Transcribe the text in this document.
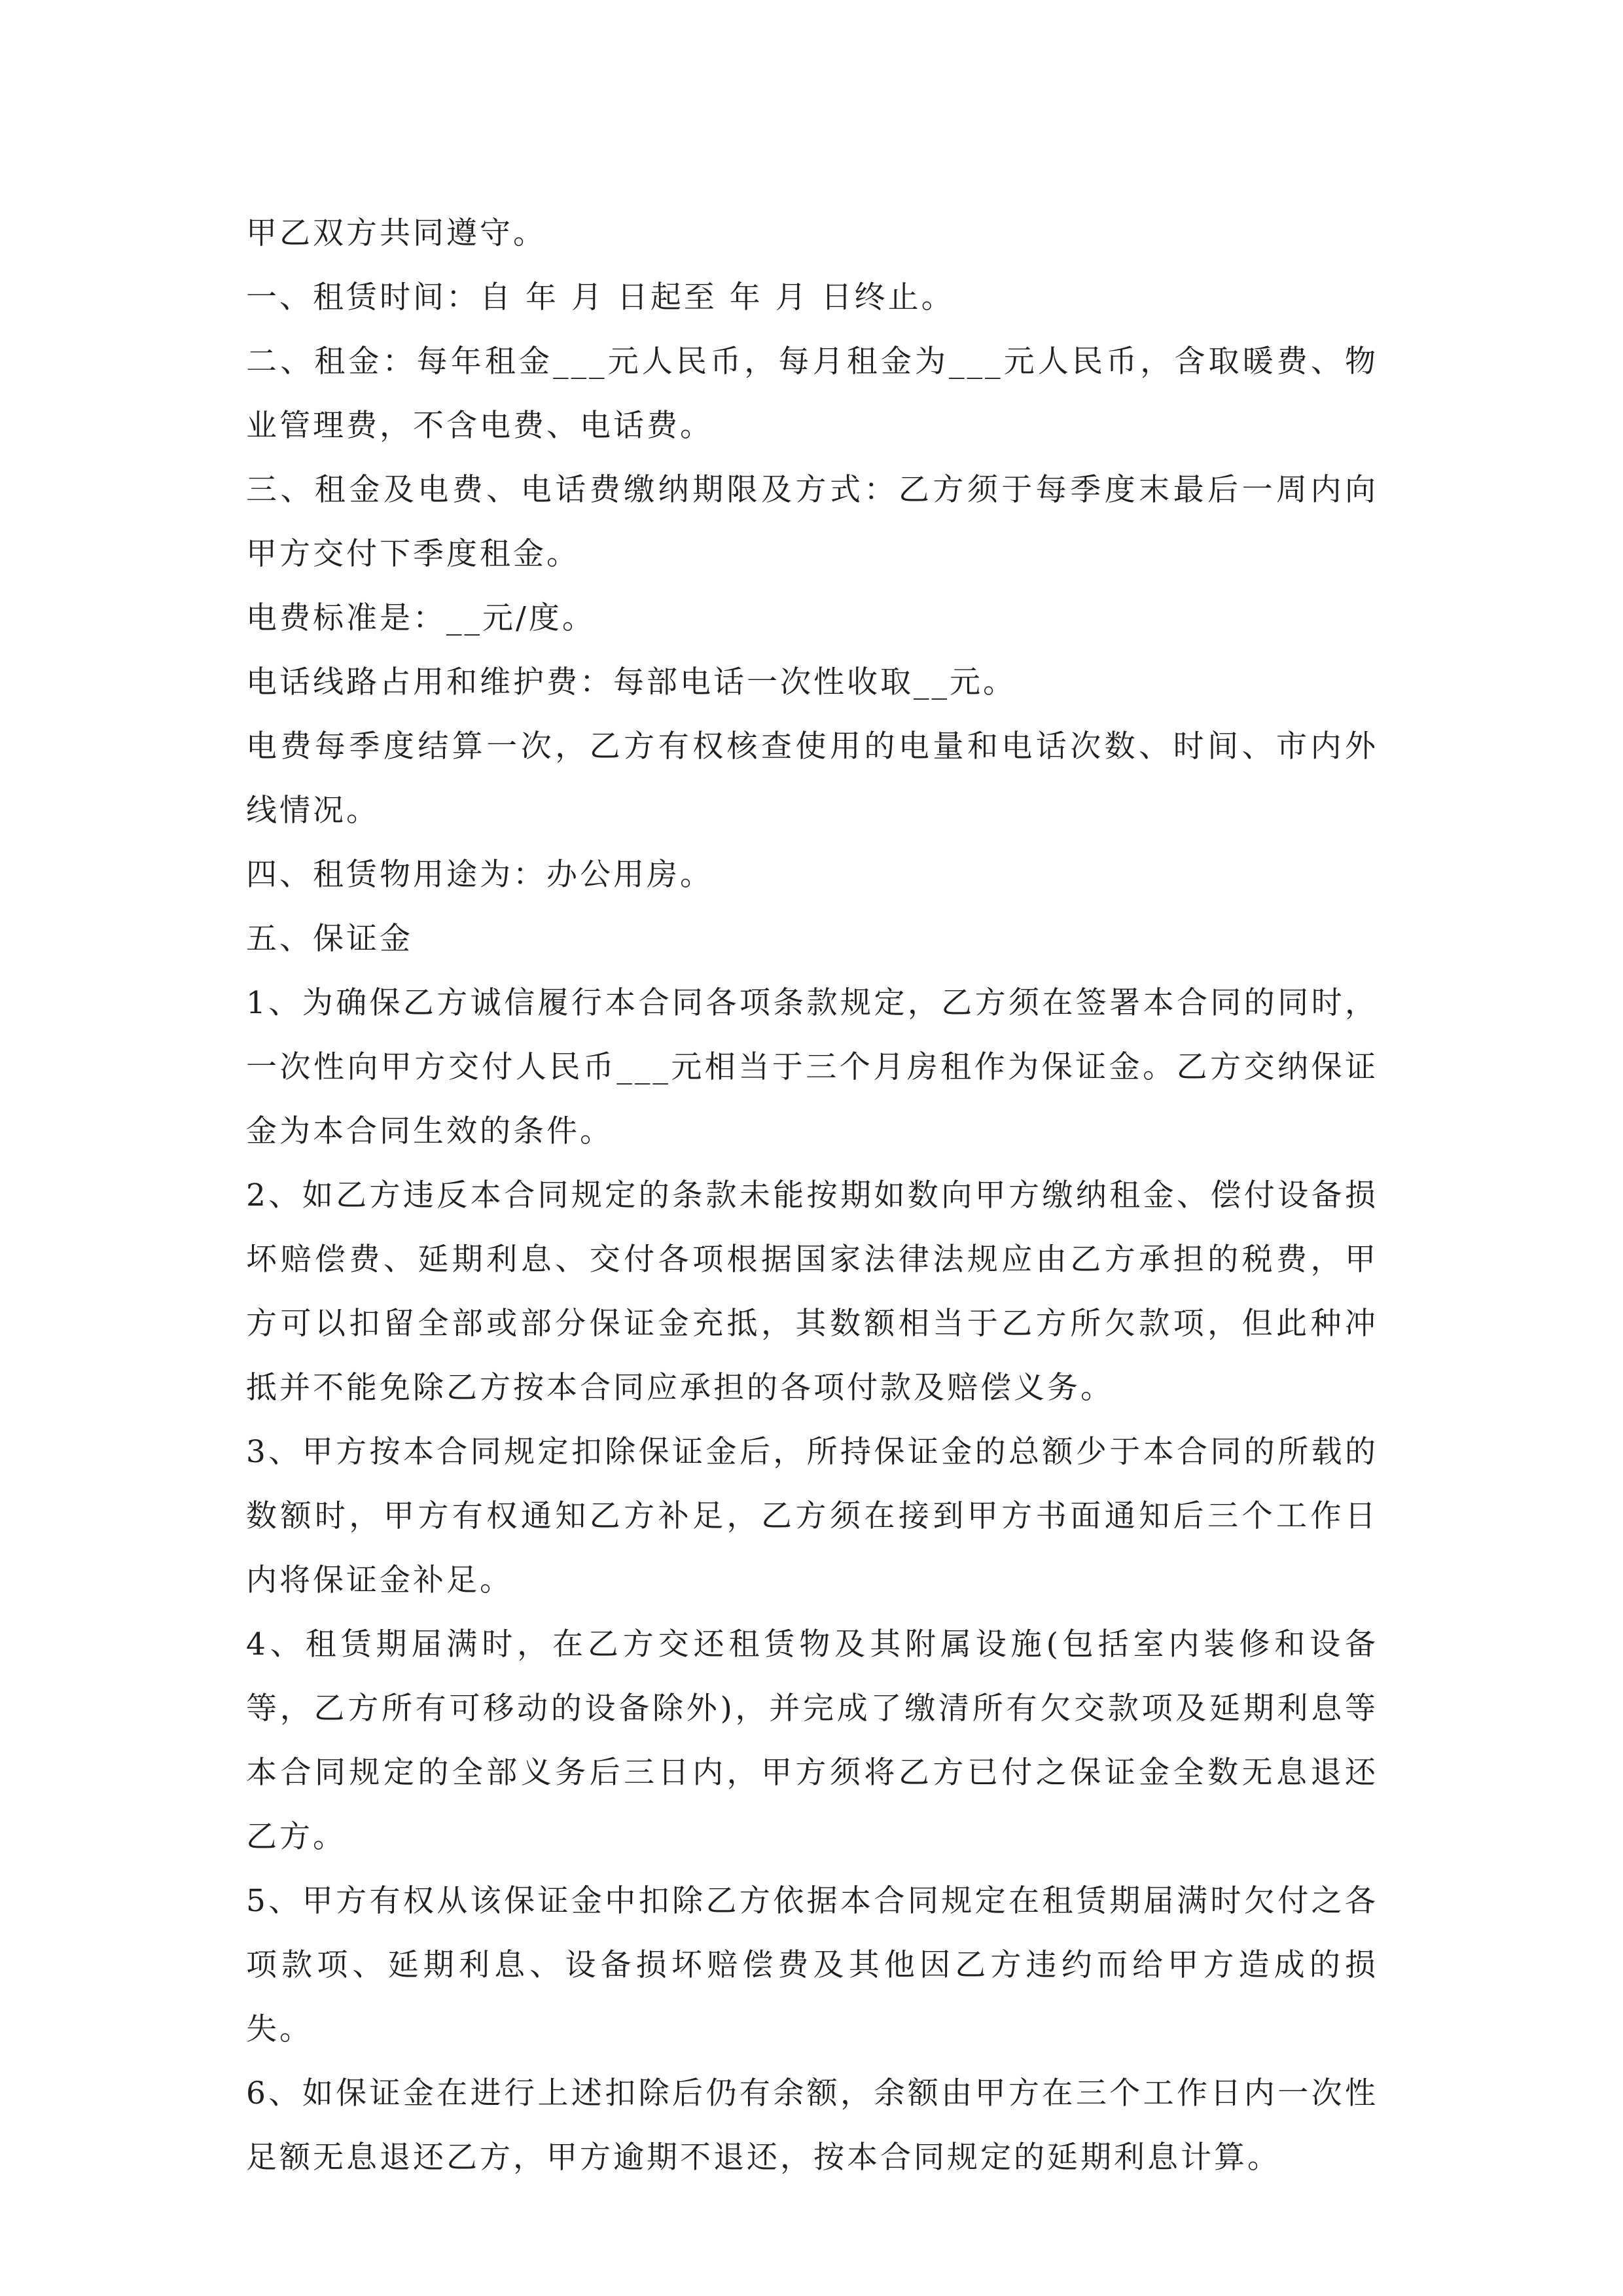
甲乙双方共同遵守。

一、租赁时间：自 年 月 日起至 年 月 日终止。

二、租金：每年租金___元人民币，每月租金为___元人民币，含取暖费、物业管理费，不含电费、电话费。

三、租金及电费、电话费缴纳期限及方式：乙方须于每季度末最后一周内向甲方交付下季度租金。

电费标准是：__元/度。

电话线路占用和维护费：每部电话一次性收取__元。

电费每季度结算一次，乙方有权核查使用的电量和电话次数、时间、市内外线情况。

四、租赁物用途为：办公用房。

五、保证金

1、为确保乙方诚信履行本合同各项条款规定，乙方须在签署本合同的同时，一次性向甲方交付人民币___元相当于三个月房租作为保证金。乙方交纳保证金为本合同生效的条件。

2、如乙方违反本合同规定的条款未能按期如数向甲方缴纳租金、偿付设备损坏赔偿费、延期利息、交付各项根据国家法律法规应由乙方承担的税费，甲方可以扣留全部或部分保证金充抵，其数额相当于乙方所欠款项，但此种冲抵并不能免除乙方按本合同应承担的各项付款及赔偿义务。

3、甲方按本合同规定扣除保证金后，所持保证金的总额少于本合同的所载的数额时，甲方有权通知乙方补足，乙方须在接到甲方书面通知后三个工作日内将保证金补足。

4、租赁期届满时，在乙方交还租赁物及其附属设施(包括室内装修和设备等，乙方所有可移动的设备除外)，并完成了缴清所有欠交款项及延期利息等本合同规定的全部义务后三日内，甲方须将乙方已付之保证金全数无息退还乙方。

5、甲方有权从该保证金中扣除乙方依据本合同规定在租赁期届满时欠付之各项款项、延期利息、设备损坏赔偿费及其他因乙方违约而给甲方造成的损失。

6、如保证金在进行上述扣除后仍有余额，余额由甲方在三个工作日内一次性足额无息退还乙方，甲方逾期不退还，按本合同规定的延期利息计算。
